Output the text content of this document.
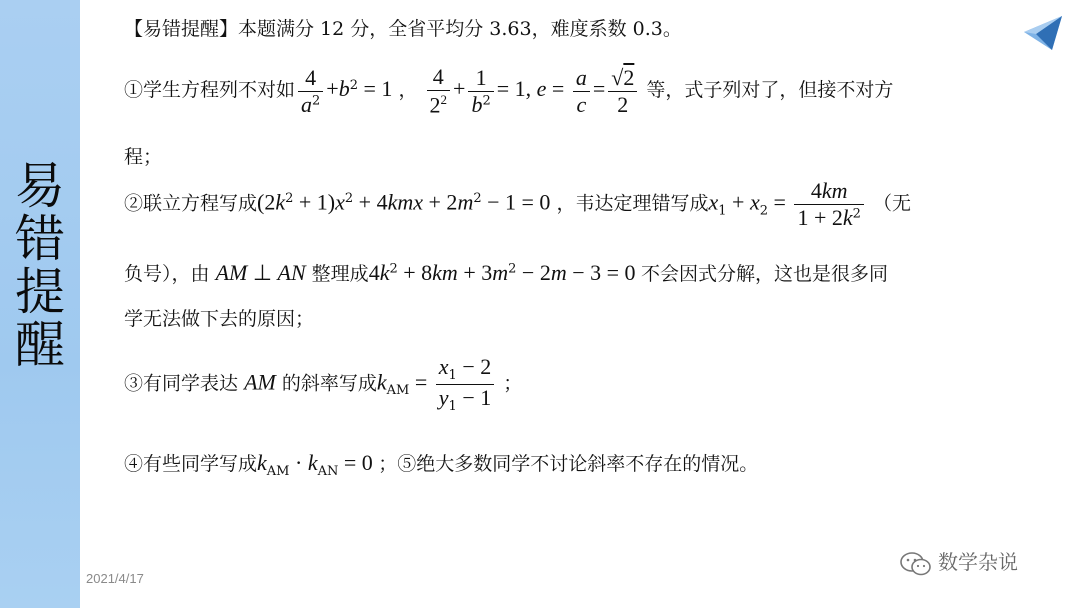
易错提醒
【易错提醒】本题满分 12 分，全省平均分 3.63，难度系数 0.3。
①学生方程列不对如 $\frac{4}{a^2} +b^2 = 1$ ， $\frac{4}{2^2} + \frac{1}{b^2} = 1$, $e = \frac{a}{c} = \frac{√2}{2}$ 等，式子列对了，但接不对方
程；
②联立方程写成$(2k^2 + 1)x^2 + 4kmx + 2m^2 - 1 = 0$ ，韦达定理错写成$x_1 + x_2 = \frac{4km}{1 + 2k^2}$ （无
负号），由 AM ⊥ AN 整理成$4k^2 + 8km + 3m^2 - 2m - 3 = 0$ 不会因式分解，这也是很多同
学无法做下去的原因；
③有同学表达 AM 的斜率写成$k_{AM} = \frac{x_1 - 2}{y_1 - 1}$ ；
④有些同学写成$k_{AM} \cdot k_{AN} = 0$ ；⑤绝大多数同学不讨论斜率不存在的情况。
2021/4/17
数学杂说
